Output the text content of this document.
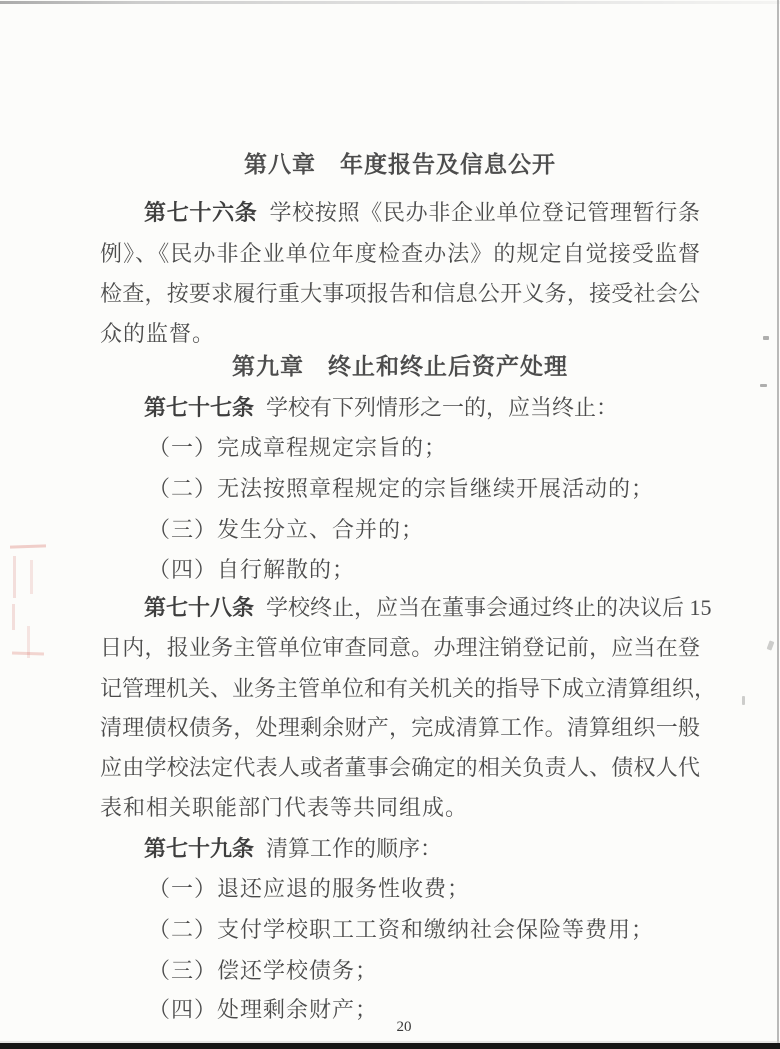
第八章　年度报告及信息公开
第七十六条 学校按照《民办非企业单位登记管理暂行条
例》、《民办非企业单位年度检查办法》的规定自觉接受监督
检查，按要求履行重大事项报告和信息公开义务，接受社会公
众的监督。
第九章　终止和终止后资产处理
第七十七条 学校有下列情形之一的，应当终止：
（一）完成章程规定宗旨的；
（二）无法按照章程规定的宗旨继续开展活动的；
（三）发生分立、合并的；
（四）自行解散的；
第七十八条 学校终止，应当在董事会通过终止的决议后 15
日内，报业务主管单位审查同意。办理注销登记前，应当在登
记管理机关、业务主管单位和有关机关的指导下成立清算组织，
清理债权债务，处理剩余财产，完成清算工作。清算组织一般
应由学校法定代表人或者董事会确定的相关负责人、债权人代
表和相关职能部门代表等共同组成。
第七十九条 清算工作的顺序：
（一）退还应退的服务性收费；
（二）支付学校职工工资和缴纳社会保险等费用；
（三）偿还学校债务；
（四）处理剩余财产；
20
